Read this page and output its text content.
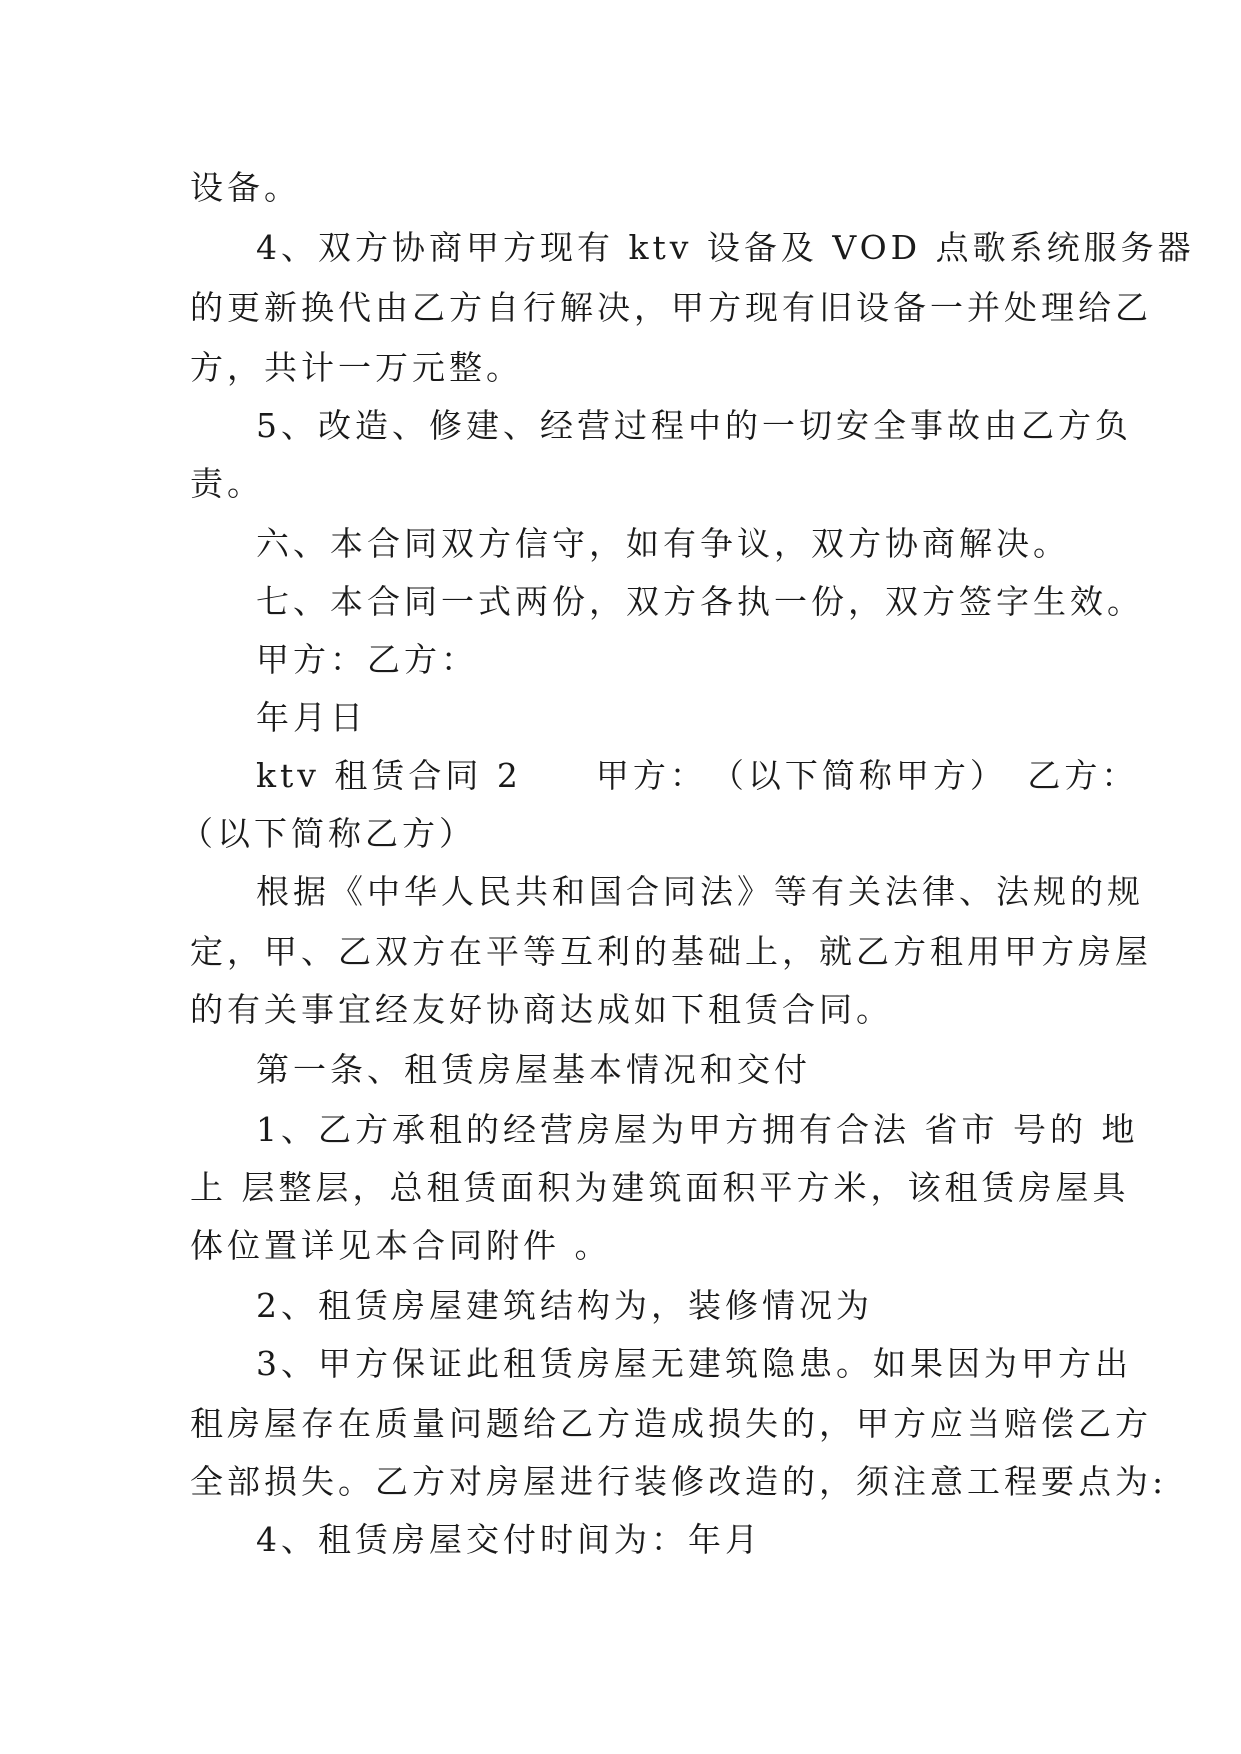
设备。
4、双方协商甲方现有 ktv 设备及 VOD 点歌系统服务器
的更新换代由乙方自行解决，甲方现有旧设备一并处理给乙
方，共计一万元整。
5、改造、修建、经营过程中的一切安全事故由乙方负
责。
六、本合同双方信守，如有争议，双方协商解决。
七、本合同一式两份，双方各执一份，双方签字生效。
甲方：乙方：
年月日
ktv 租赁合同 2　　甲方：　（以下简称甲方）　乙方：
（以下简称乙方）
根据《中华人民共和国合同法》等有关法律、法规的规
定，甲、乙双方在平等互利的基础上，就乙方租用甲方房屋
的有关事宜经友好协商达成如下租赁合同。
第一条、租赁房屋基本情况和交付
1、乙方承租的经营房屋为甲方拥有合法 省市 号的 地
上 层整层，总租赁面积为建筑面积平方米，该租赁房屋具
体位置详见本合同附件 。
2、租赁房屋建筑结构为，装修情况为
3、甲方保证此租赁房屋无建筑隐患。如果因为甲方出
租房屋存在质量问题给乙方造成损失的，甲方应当赔偿乙方
全部损失。乙方对房屋进行装修改造的，须注意工程要点为:
4、租赁房屋交付时间为：年月
